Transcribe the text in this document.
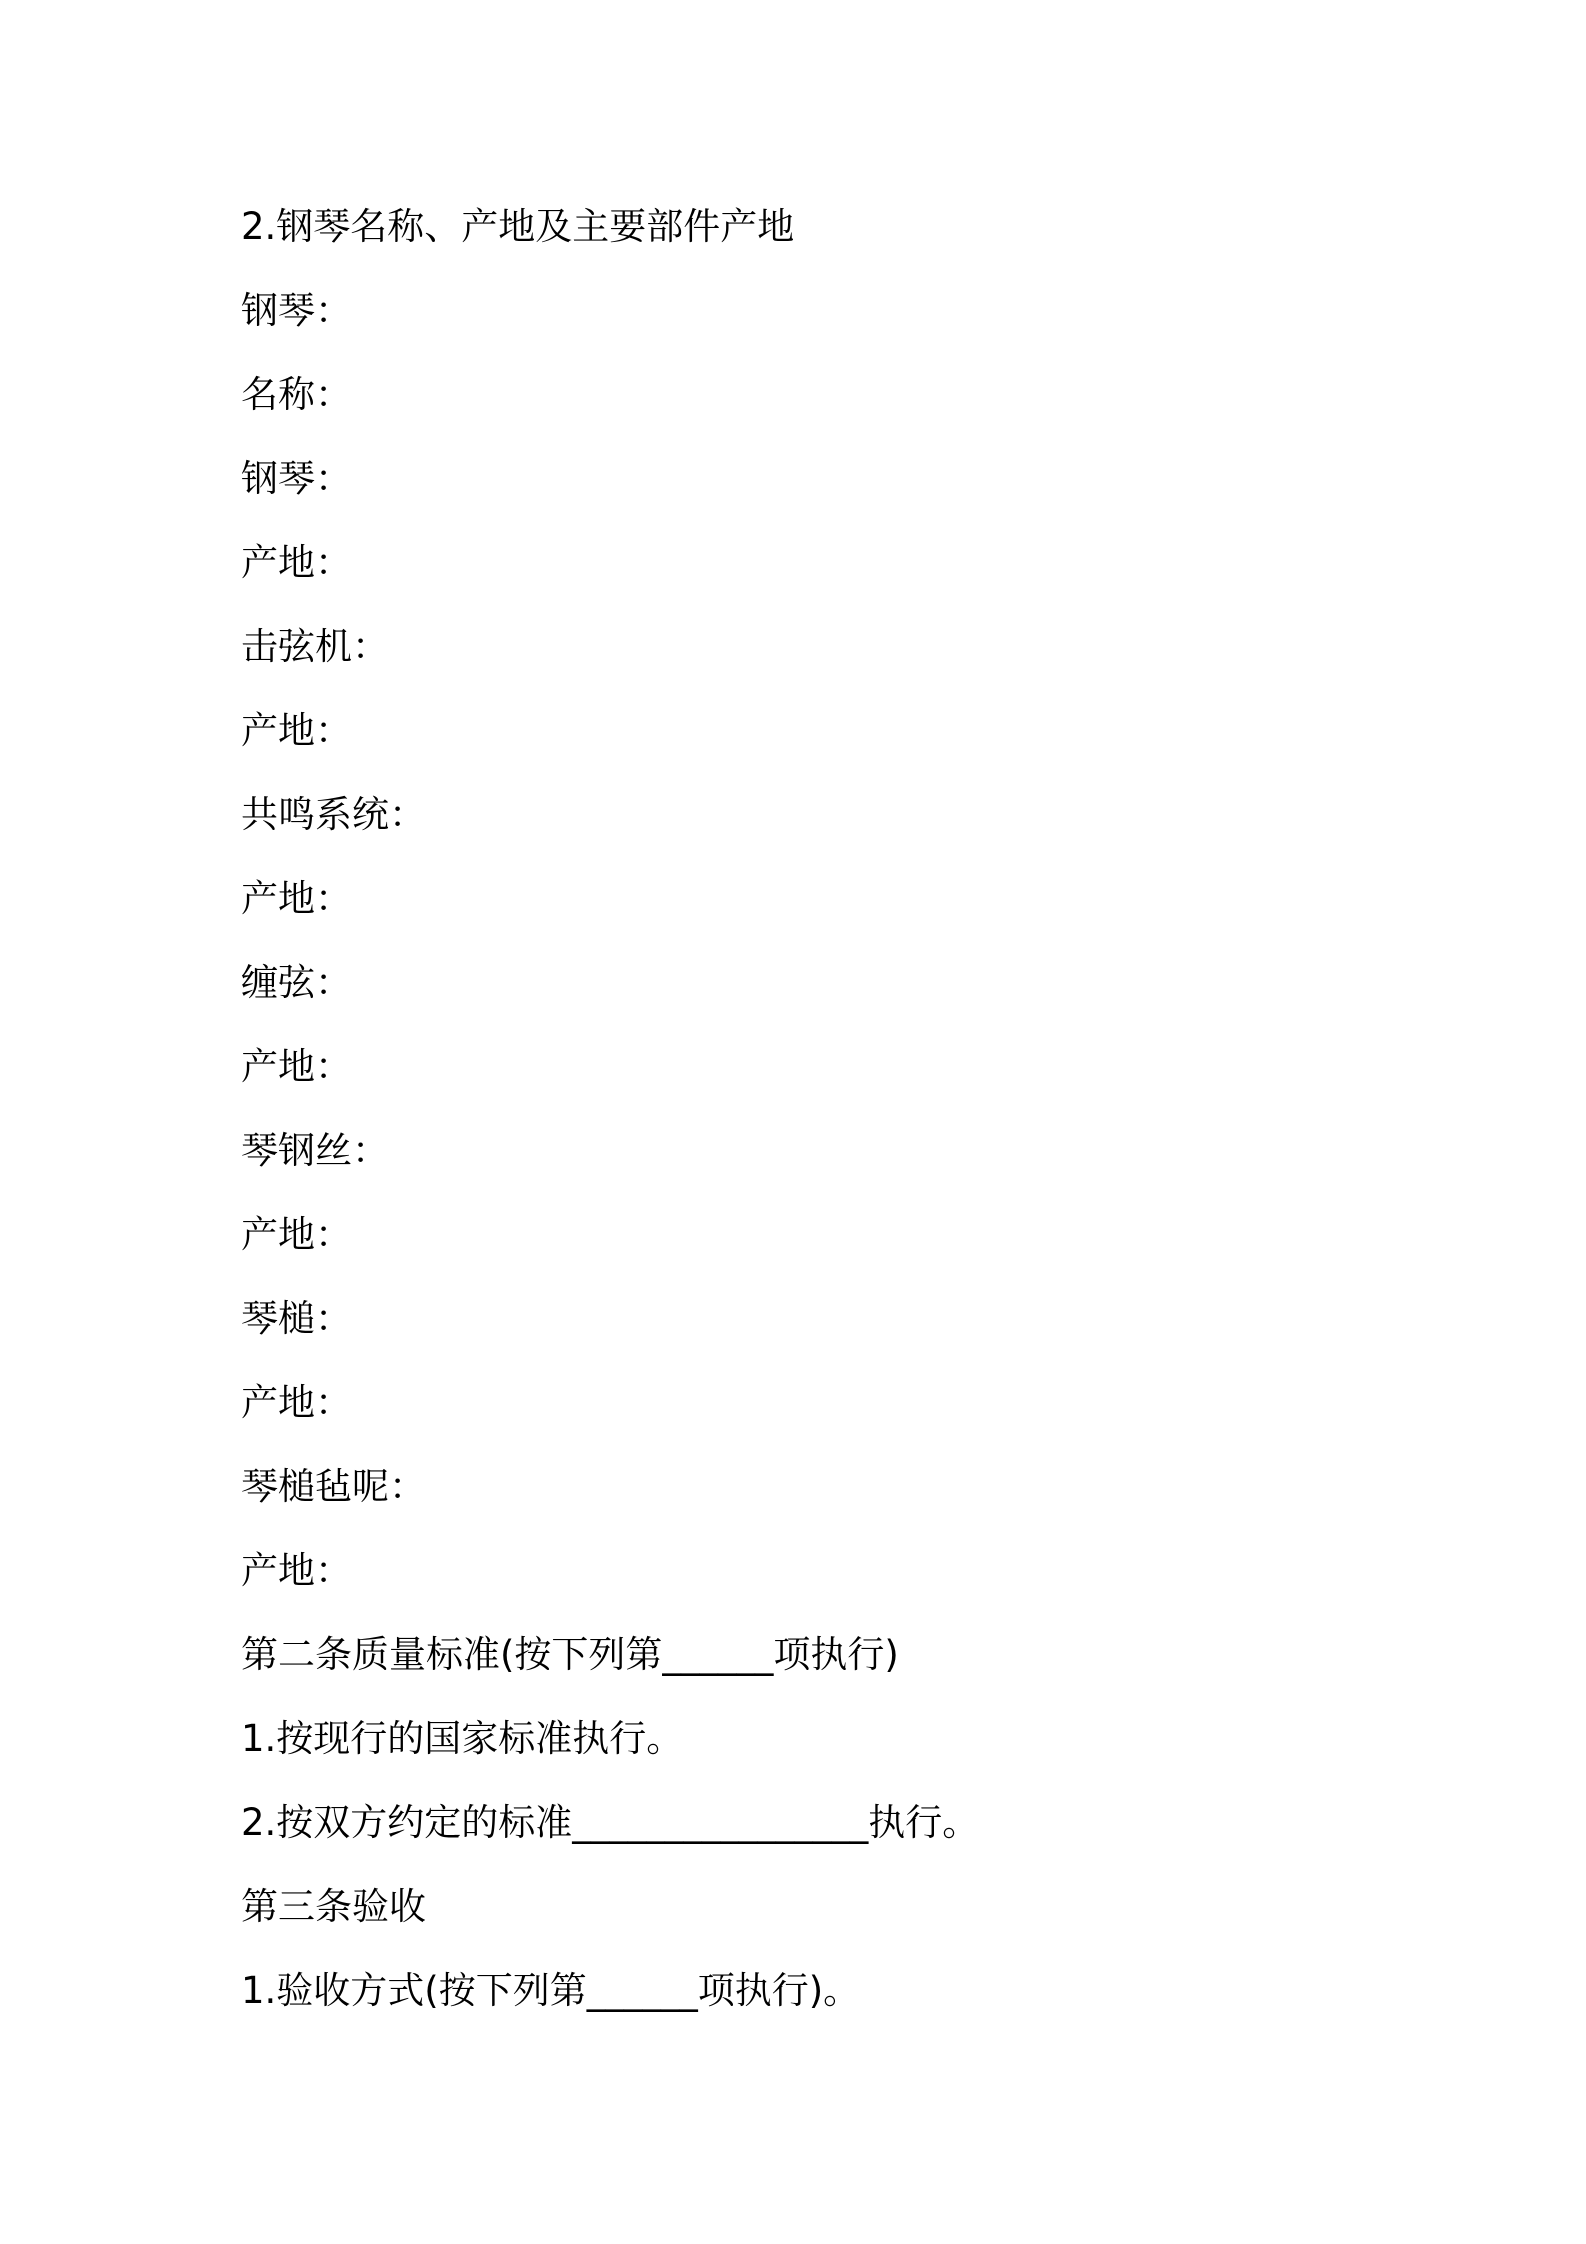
2.钢琴名称、产地及主要部件产地
钢琴：
名称：
钢琴：
产地：
击弦机：
产地：
共鸣系统：
产地：
缠弦：
产地：
琴钢丝：
产地：
琴槌：
产地：
琴槌毡呢：
产地：
第二条质量标准(按下列第______项执行)
1.按现行的国家标准执行。
2.按双方约定的标准________________执行。
第三条验收
1.验收方式(按下列第______项执行)。
